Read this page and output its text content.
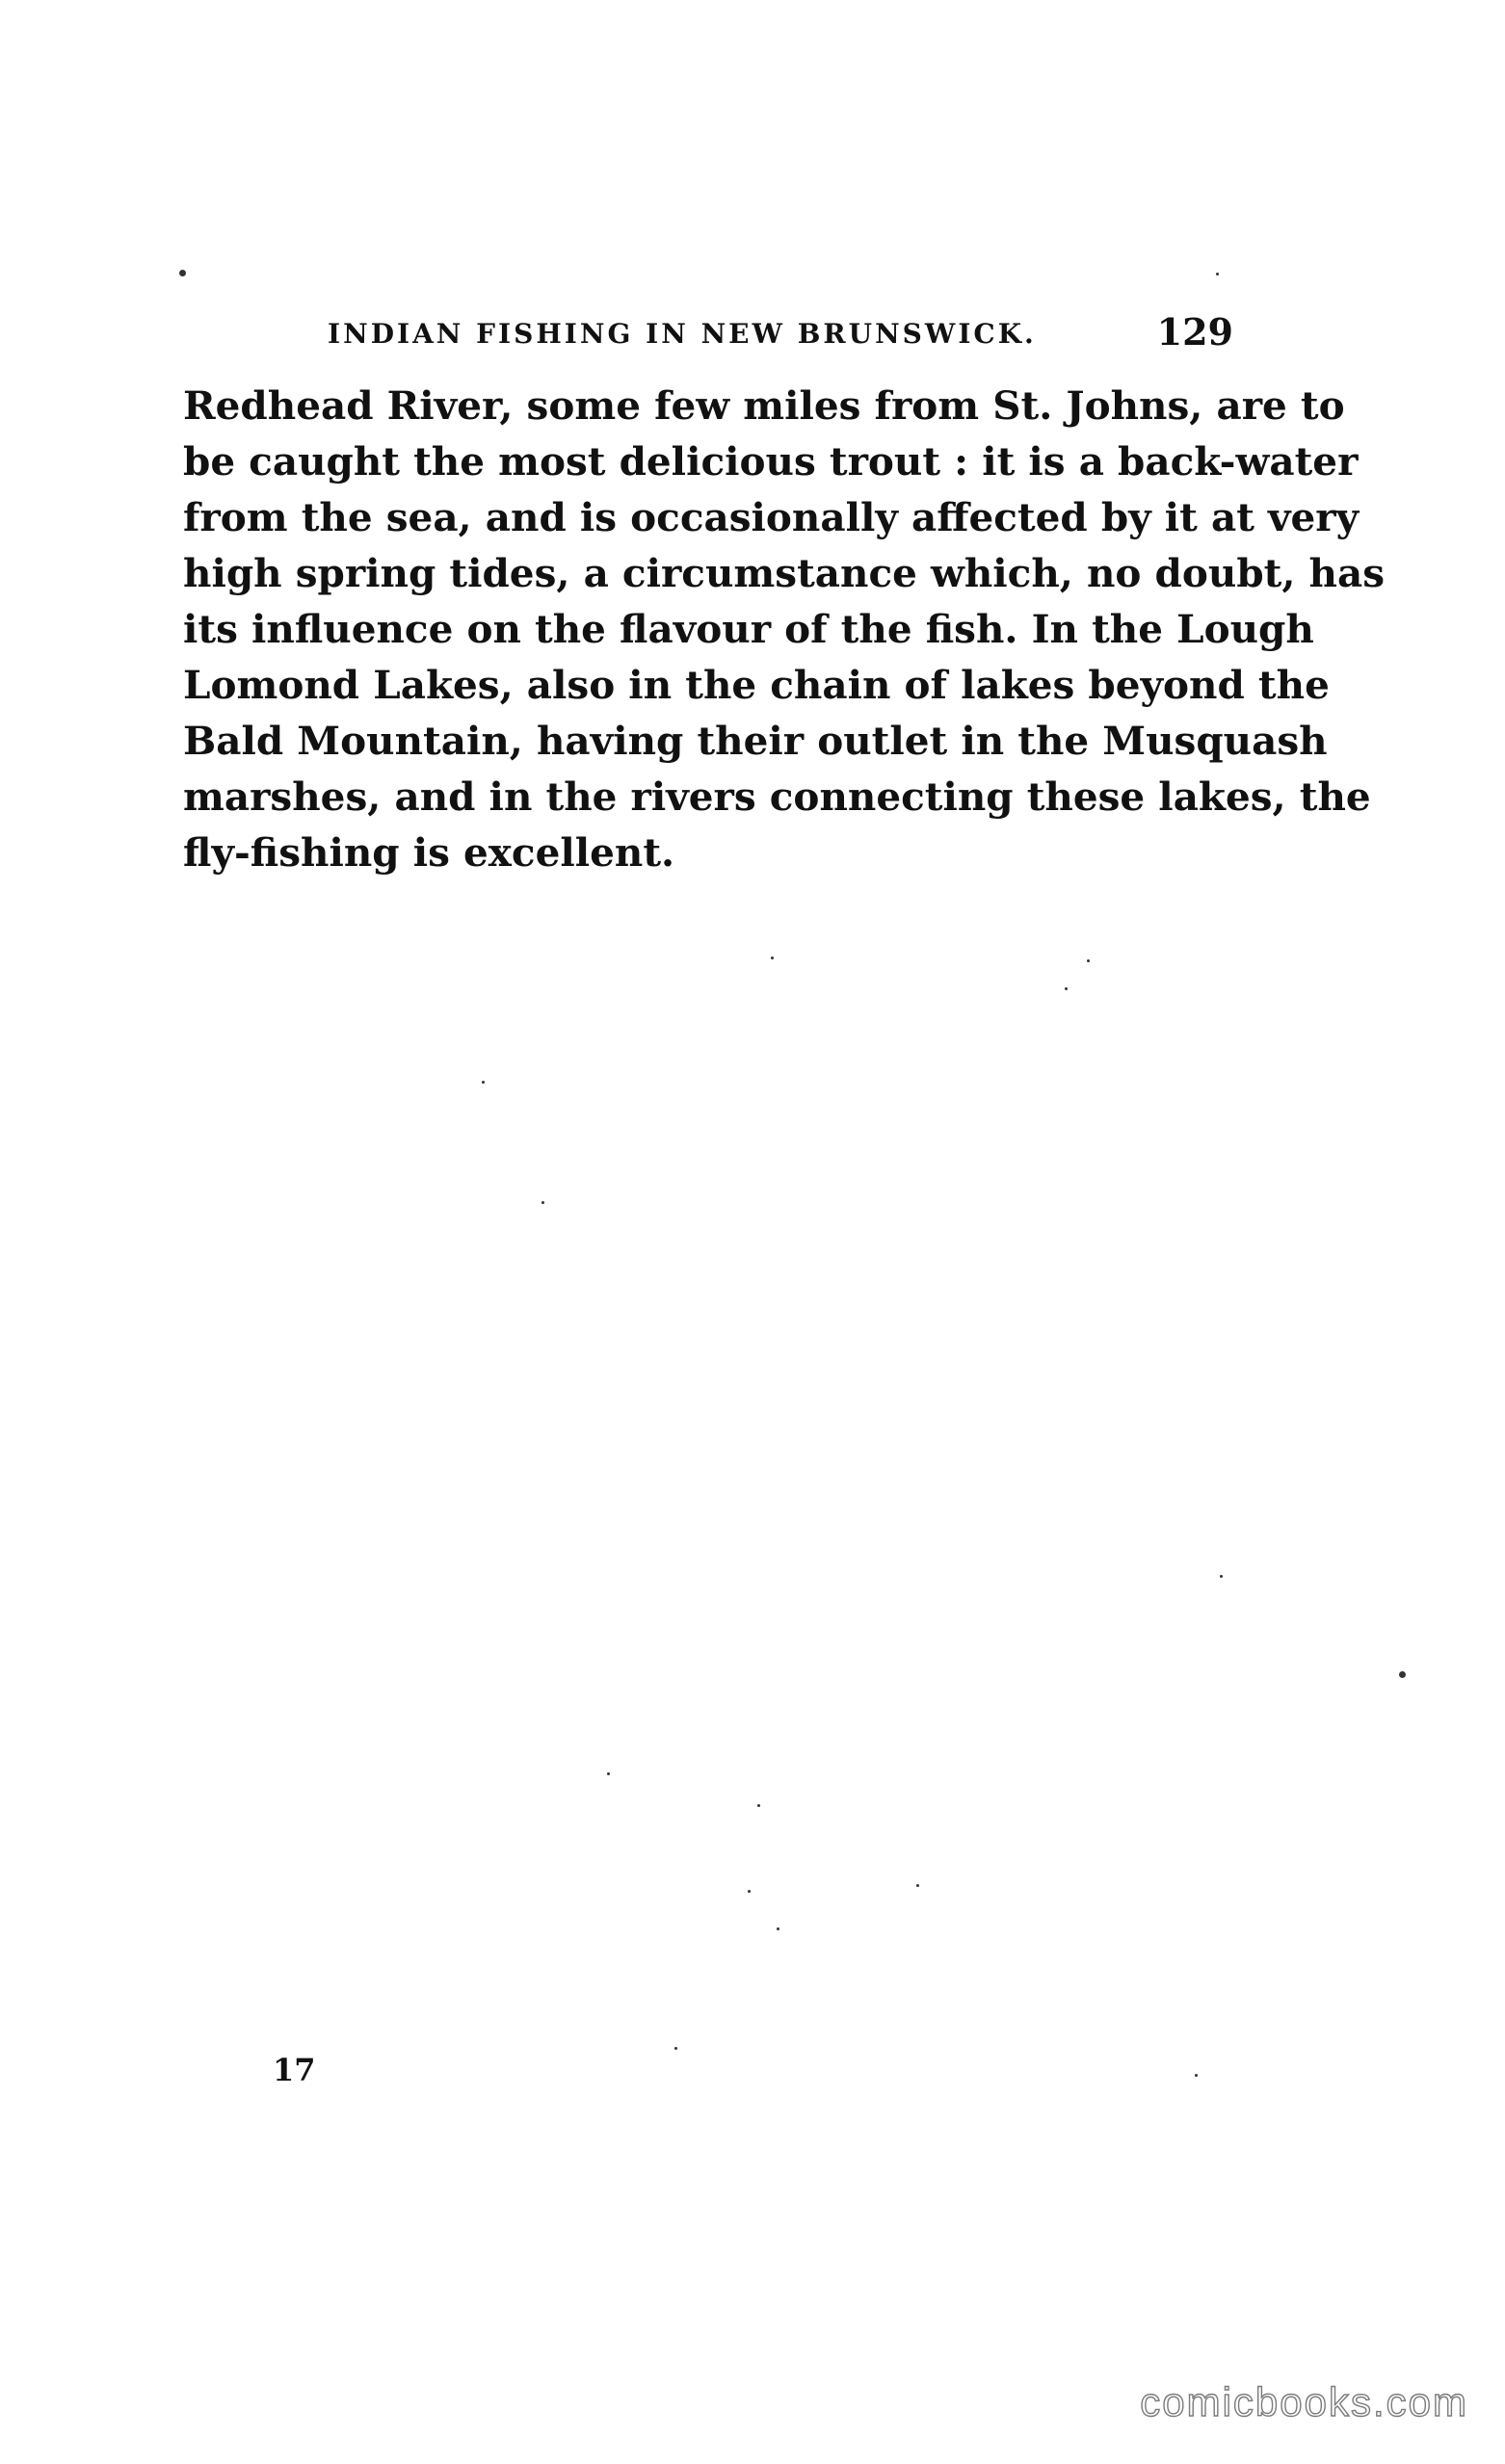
INDIAN FISHING IN NEW BRUNSWICK.	129
Redhead River, some few miles from St. Johns, are to
be caught the most delicious trout : it is a back-water
from the sea, and is occasionally affected by it at very
high spring tides, a circumstance which, no doubt, has
its influence on the flavour of the fish. In the Lough
Lomond Lakes, also in the chain of lakes beyond the
Bald Mountain, having their outlet in the Musquash
marshes, and in the rivers connecting these lakes, the
fly-fishing is excellent.
17
comicbooks.com
